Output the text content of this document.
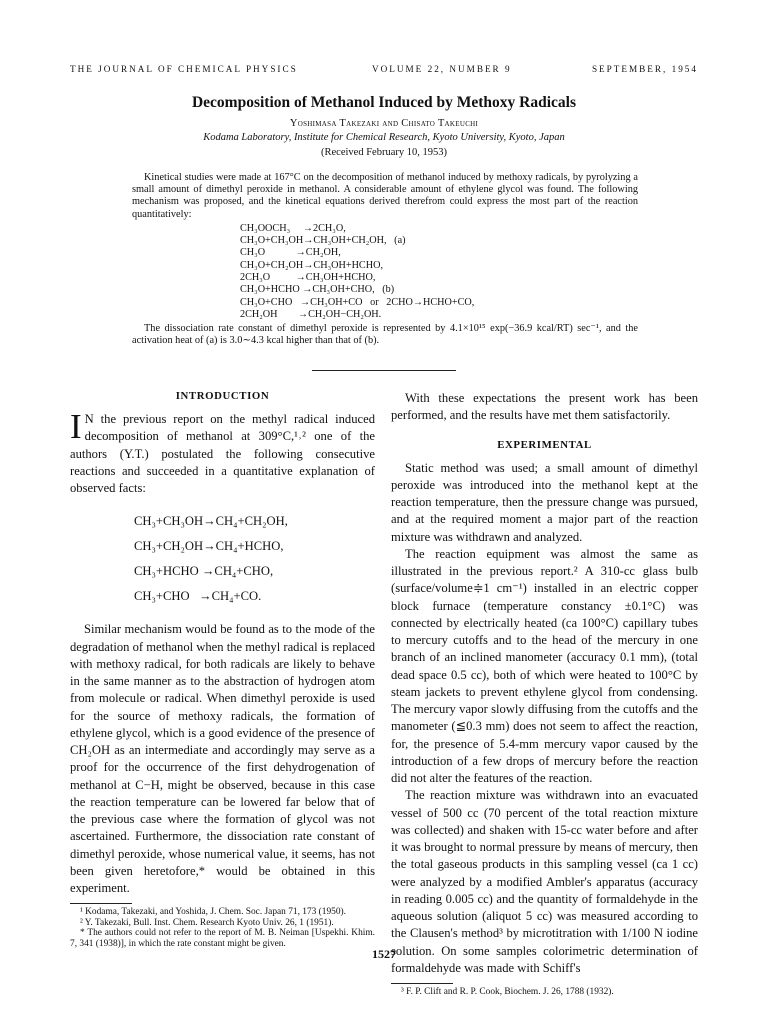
THE JOURNAL OF CHEMICAL PHYSICS	VOLUME 22, NUMBER 9	SEPTEMBER, 1954
Decomposition of Methanol Induced by Methoxy Radicals
Yoshimasa Takezaki and Chisato Takeuchi
Kodama Laboratory, Institute for Chemical Research, Kyoto University, Kyoto, Japan
(Received February 10, 1953)

Kinetical studies were made at 167°C on the decomposition of methanol induced by methoxy radicals, by pyrolyzing a small amount of dimethyl peroxide in methanol. A considerable amount of ethylene glycol was found. The following mechanism was proposed, and the kinetical equations derived therefrom could express the most part of the reaction quantitatively:

CH₃OOCH₃     →2CH₃O,
CH₃O+CH₃OH→CH₃OH+CH₂OH,   (a)
CH₃O            →CH₂OH,
CH₃O+CH₂OH→CH₃OH+HCHO,
2CH₃O          →CH₃OH+HCHO,
CH₃O+HCHO →CH₃OH+CHO,   (b)
CH₃O+CHO   →CH₃OH+CO   or   2CHO→HCHO+CO,
2CH₂OH        →CH₂OH−CH₂OH.

The dissociation rate constant of dimethyl peroxide is represented by 4.1×10¹⁵ exp(−36.9 kcal/RT) sec⁻¹, and the activation heat of (a) is 3.0∼4.3 kcal higher than that of (b).

INTRODUCTION

I N the previous report on the methyl radical induced decomposition of methanol at 309°C,¹˒² one of the authors (Y.T.) postulated the following consecutive reactions and succeeded in a quantitative explanation of observed facts:

CH₃+CH₃OH→CH₄+CH₂OH,
CH₃+CH₂OH→CH₄+HCHO,
CH₃+HCHO →CH₄+CHO,
CH₃+CHO   →CH₄+CO.

Similar mechanism would be found as to the mode of the degradation of methanol when the methyl radical is replaced with methoxy radical, for both radicals are likely to behave in the same manner as to the abstraction of hydrogen atom from molecule or radical. When dimethyl peroxide is used for the source of methoxy radicals, the formation of ethylene glycol, which is a good evidence of the presence of CH₂OH as an intermediate and accordingly may serve as a proof for the occurrence of the first dehydrogenation of methanol at C−H, might be observed, because in this case the reaction temperature can be lowered far below that of the previous case where the formation of glycol was not ascertained. Furthermore, the dissociation rate constant of dimethyl peroxide, whose numerical value, it seems, has not been given heretofore,* would be obtained in this experiment.

¹ Kodama, Takezaki, and Yoshida, J. Chem. Soc. Japan 71, 173 (1950).
² Y. Takezaki, Bull. Inst. Chem. Research Kyoto Univ. 26, 1 (1951).
* The authors could not refer to the report of M. B. Neiman [Uspekhi. Khim. 7, 341 (1938)], in which the rate constant might be given.

With these expectations the present work has been performed, and the results have met them satisfactorily.

EXPERIMENTAL

Static method was used; a small amount of dimethyl peroxide was introduced into the methanol kept at the reaction temperature, then the pressure change was pursued, and at the required moment a major part of the reaction mixture was withdrawn and analyzed.

The reaction equipment was almost the same as illustrated in the previous report.² A 310-cc glass bulb (surface/volume≑1 cm⁻¹) installed in an electric copper block furnace (temperature constancy ±0.1°C) was connected by electrically heated (ca 100°C) capillary tubes to mercury cutoffs and to the head of the mercury in one branch of an inclined manometer (accuracy 0.1 mm), (total dead space 0.5 cc), both of which were heated to 100°C by steam jackets to prevent ethylene glycol from condensing. The mercury vapor slowly diffusing from the cutoffs and the manometer (≦0.3 mm) does not seem to affect the reaction, for, the presence of 5.4-mm mercury vapor caused by the introduction of a few drops of mercury before the reaction did not alter the features of the reaction.

The reaction mixture was withdrawn into an evacuated vessel of 500 cc (70 percent of the total reaction mixture was collected) and shaken with 15-cc water before and after it was brought to normal pressure by means of mercury, then the total gaseous products in this sampling vessel (ca 1 cc) were analyzed by a modified Ambler's apparatus (accuracy in reading 0.005 cc) and the quantity of formaldehyde in the aqueous solution (aliquot 5 cc) was measured according to the Clausen's method³ by microtitration with 1/100 N iodine solution. On some samples colorimetric determination of formaldehyde was made with Schiff's

³ F. P. Clift and R. P. Cook, Biochem. J. 26, 1788 (1932).
1527
